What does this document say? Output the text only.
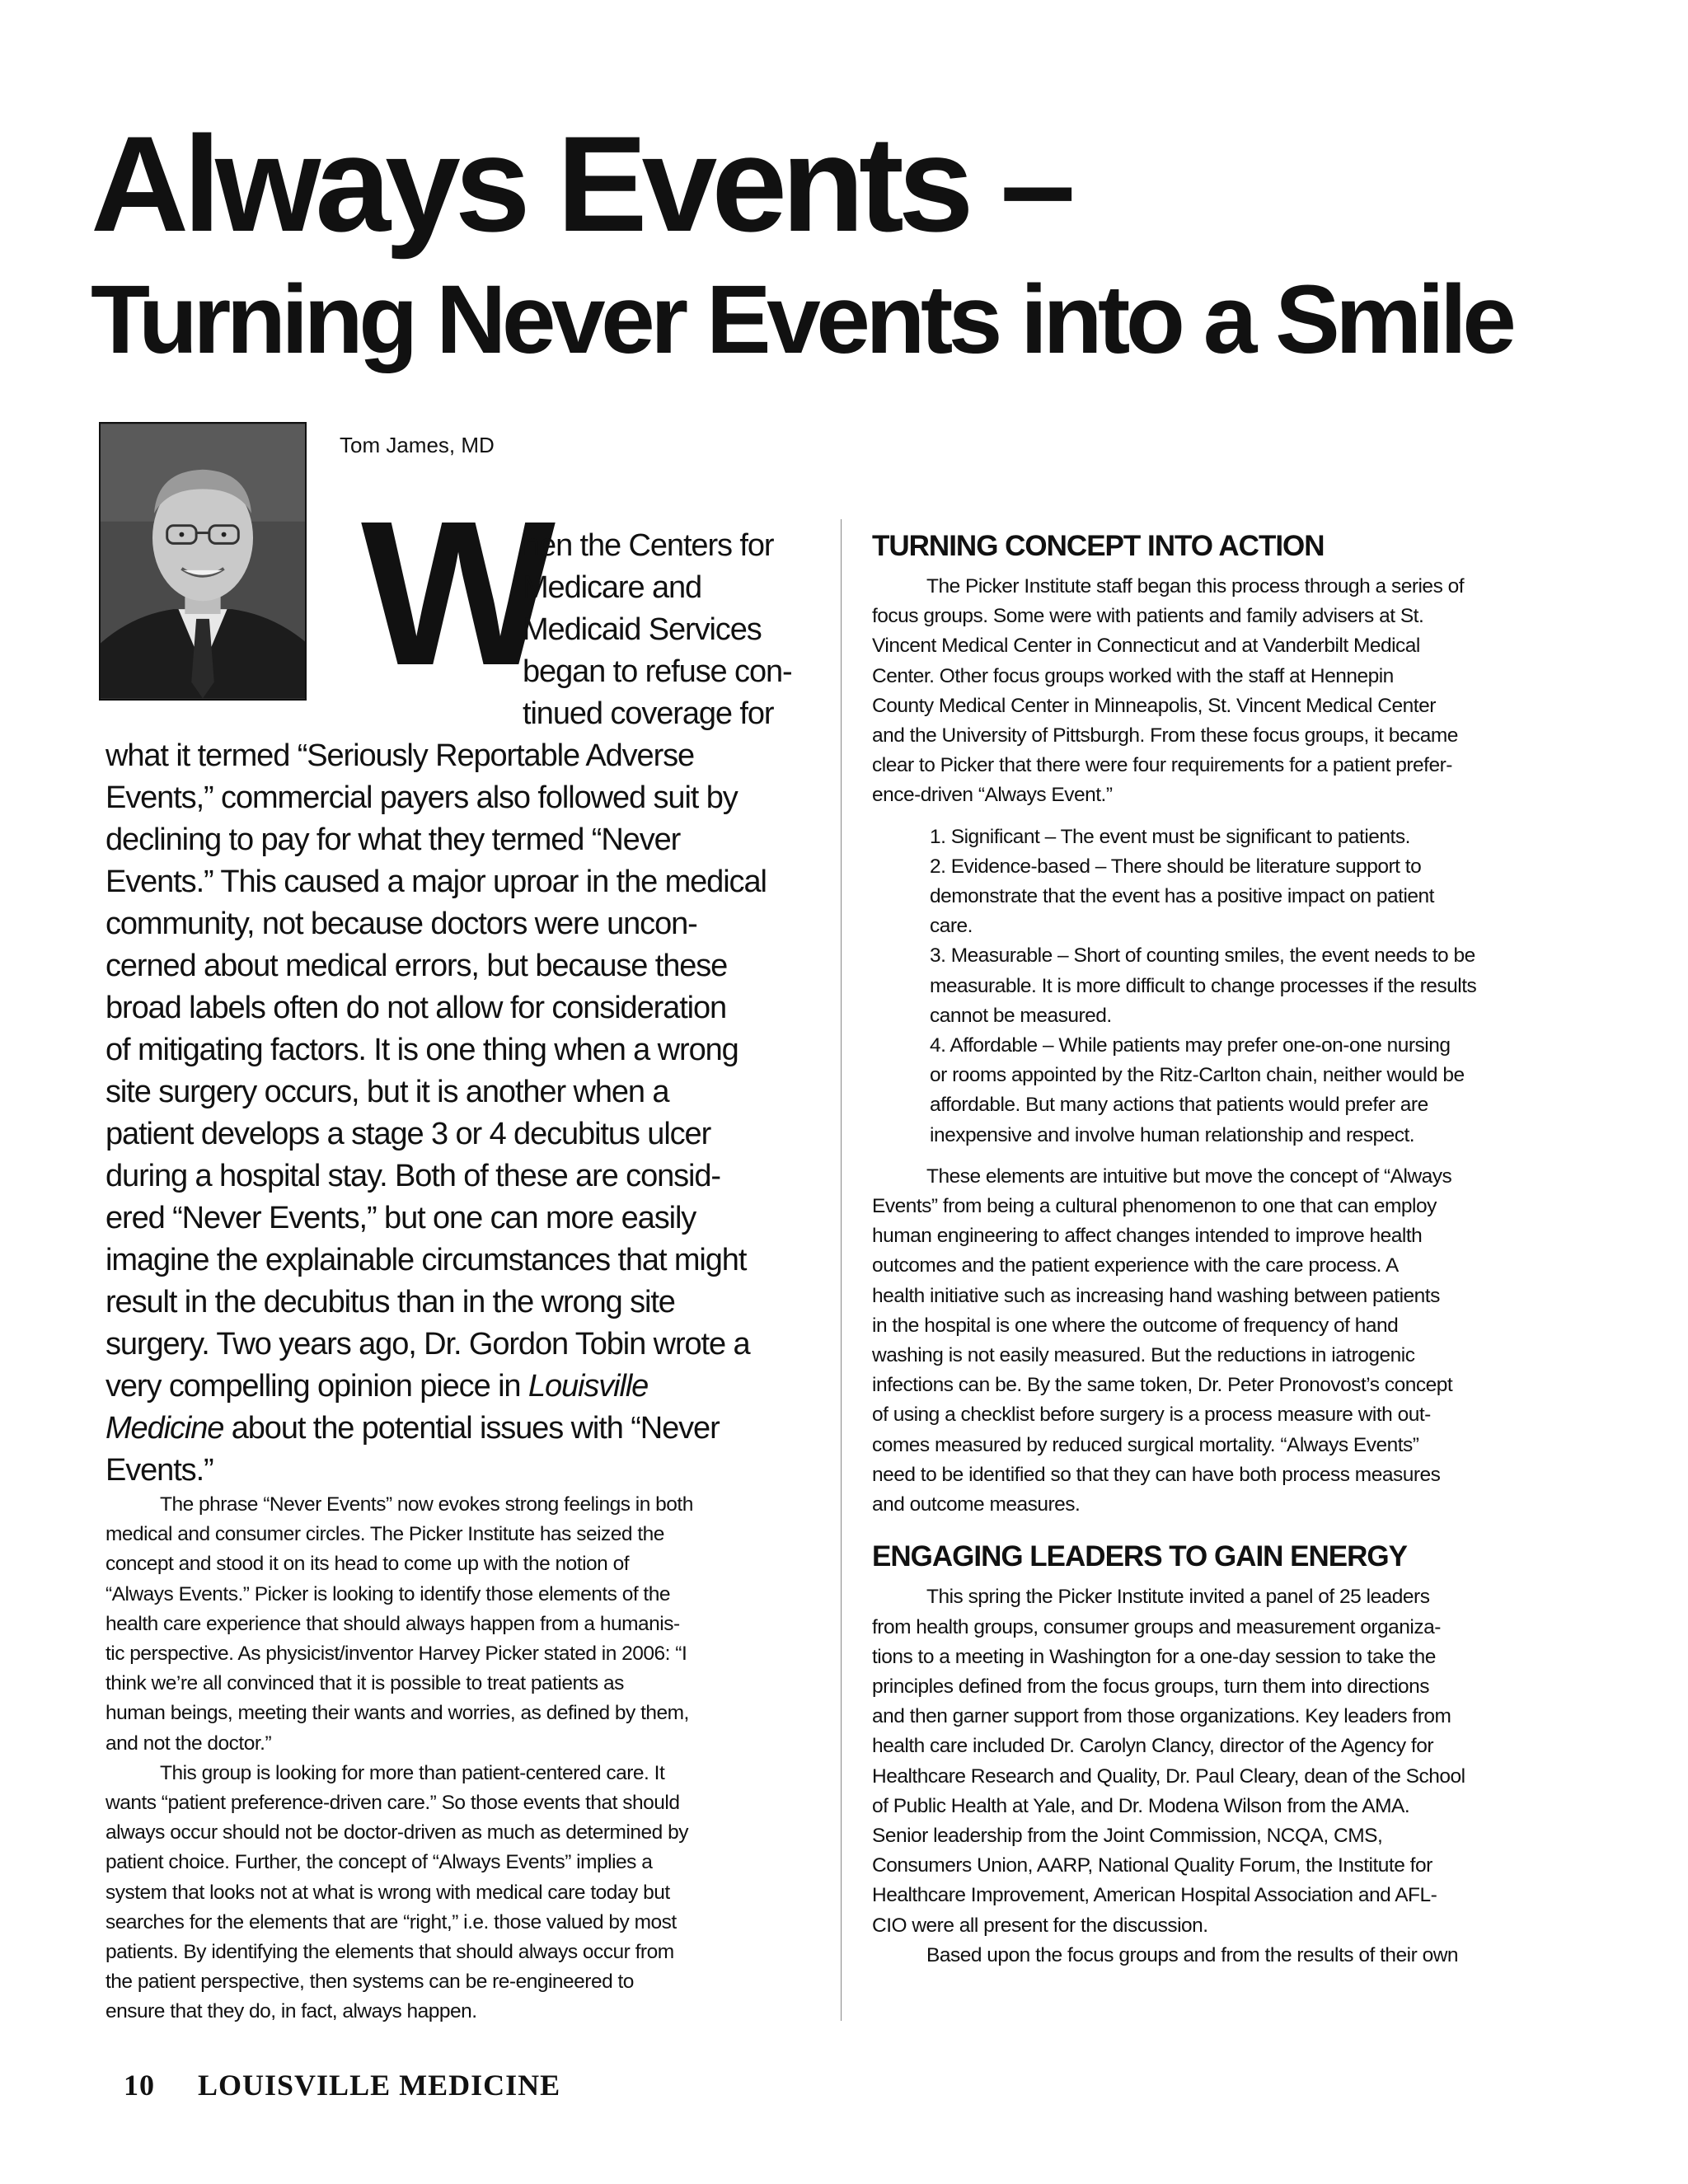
Always Events –
Turning Never Events into a Smile
Tom James, MD
W
hen the Centers for
Medicare and
Medicaid Services
began to refuse con-
tinued coverage for
what it termed “Seriously Reportable Adverse
Events,” commercial payers also followed suit by
declining to pay for what they termed “Never
Events.” This caused a major uproar in the medical
community, not because doctors were uncon-
cerned about medical errors, but because these
broad labels often do not allow for consideration
of mitigating factors. It is one thing when a wrong
site surgery occurs, but it is another when a
patient develops a stage 3 or 4 decubitus ulcer
during a hospital stay. Both of these are consid-
ered “Never Events,” but one can more easily
imagine the explainable circumstances that might
result in the decubitus than in the wrong site
surgery. Two years ago, Dr. Gordon Tobin wrote a
very compelling opinion piece in Louisville
Medicine about the potential issues with “Never
Events.”
The phrase “Never Events” now evokes strong feelings in both
medical and consumer circles. The Picker Institute has seized the
concept and stood it on its head to come up with the notion of
“Always Events.” Picker is looking to identify those elements of the
health care experience that should always happen from a humanis-
tic perspective. As physicist/inventor Harvey Picker stated in 2006: “I
think we’re all convinced that it is possible to treat patients as
human beings, meeting their wants and worries, as defined by them,
and not the doctor.”
This group is looking for more than patient-centered care. It
wants “patient preference-driven care.” So those events that should
always occur should not be doctor-driven as much as determined by
patient choice. Further, the concept of “Always Events” implies a
system that looks not at what is wrong with medical care today but
searches for the elements that are “right,” i.e. those valued by most
patients. By identifying the elements that should always occur from
the patient perspective, then systems can be re-engineered to
ensure that they do, in fact, always happen.
TURNING CONCEPT INTO ACTION
The Picker Institute staff began this process through a series of
focus groups. Some were with patients and family advisers at St.
Vincent Medical Center in Connecticut and at Vanderbilt Medical
Center. Other focus groups worked with the staff at Hennepin
County Medical Center in Minneapolis, St. Vincent Medical Center
and the University of Pittsburgh. From these focus groups, it became
clear to Picker that there were four requirements for a patient prefer-
ence-driven “Always Event.”
1. Significant – The event must be significant to patients.
2. Evidence-based – There should be literature support to
demonstrate that the event has a positive impact on patient
care.
3. Measurable – Short of counting smiles, the event needs to be
measurable. It is more difficult to change processes if the results
cannot be measured.
4. Affordable – While patients may prefer one-on-one nursing
or rooms appointed by the Ritz-Carlton chain, neither would be
affordable. But many actions that patients would prefer are
inexpensive and involve human relationship and respect.
These elements are intuitive but move the concept of “Always
Events” from being a cultural phenomenon to one that can employ
human engineering to affect changes intended to improve health
outcomes and the patient experience with the care process. A
health initiative such as increasing hand washing between patients
in the hospital is one where the outcome of frequency of hand
washing is not easily measured. But the reductions in iatrogenic
infections can be. By the same token, Dr. Peter Pronovost’s concept
of using a checklist before surgery is a process measure with out-
comes measured by reduced surgical mortality. “Always Events”
need to be identified so that they can have both process measures
and outcome measures.
ENGAGING LEADERS TO GAIN ENERGY
This spring the Picker Institute invited a panel of 25 leaders
from health groups, consumer groups and measurement organiza-
tions to a meeting in Washington for a one-day session to take the
principles defined from the focus groups, turn them into directions
and then garner support from those organizations. Key leaders from
health care included Dr. Carolyn Clancy, director of the Agency for
Healthcare Research and Quality, Dr. Paul Cleary, dean of the School
of Public Health at Yale, and Dr. Modena Wilson from the AMA.
Senior leadership from the Joint Commission, NCQA, CMS,
Consumers Union, AARP, National Quality Forum, the Institute for
Healthcare Improvement, American Hospital Association and AFL-
CIO were all present for the discussion.
Based upon the focus groups and from the results of their own
10 LOUISVILLE MEDICINE
